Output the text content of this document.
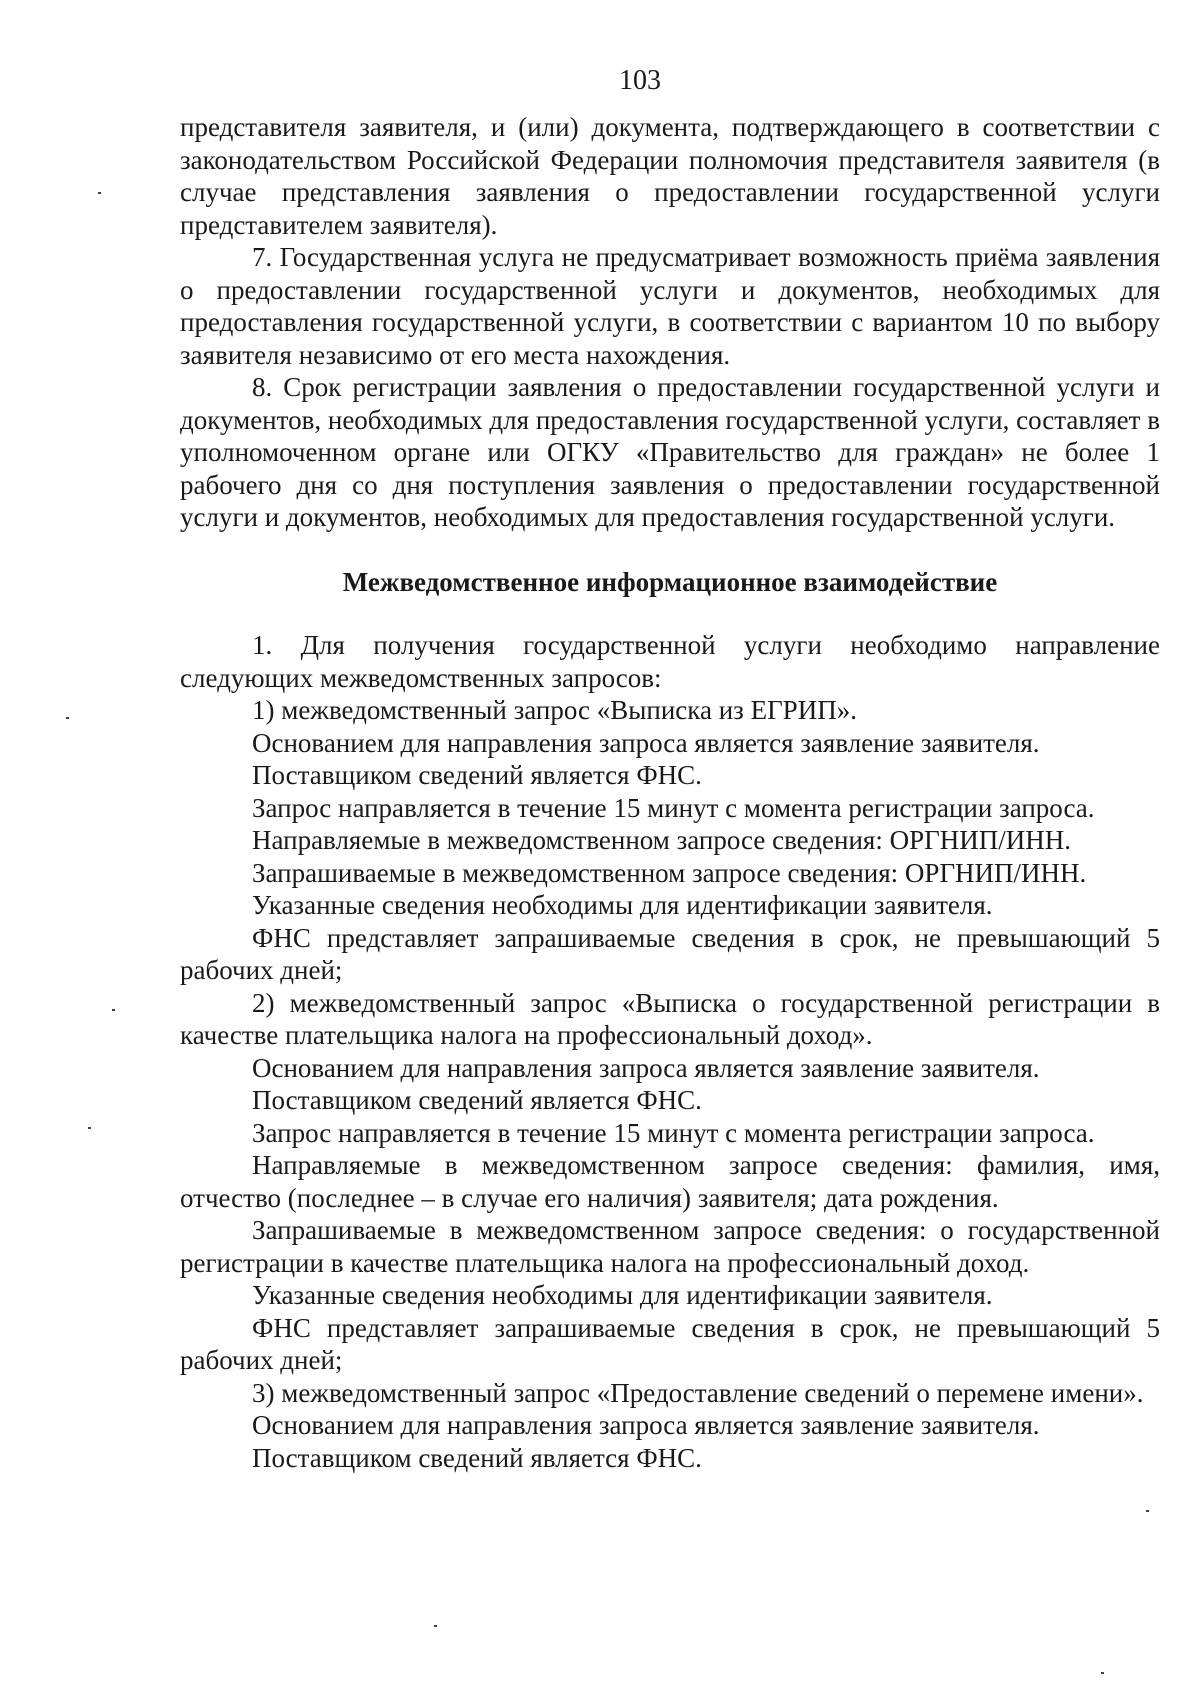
103
представителя заявителя, и (или) документа, подтверждающего в соответствии с законодательством Российской Федерации полномочия представителя заявителя (в случае представления заявления о предоставлении государственной услуги представителем заявителя).
7. Государственная услуга не предусматривает возможность приёма заявления о предоставлении государственной услуги и документов, необходимых для предоставления государственной услуги, в соответствии с вариантом 10 по выбору заявителя независимо от его места нахождения.
8. Срок регистрации заявления о предоставлении государственной услуги и документов, необходимых для предоставления государственной услуги, составляет в уполномоченном органе или ОГКУ «Правительство для граждан» не более 1 рабочего дня со дня поступления заявления о предоставлении государственной услуги и документов, необходимых для предоставления государственной услуги.
Межведомственное информационное взаимодействие
1. Для получения государственной услуги необходимо направление следующих межведомственных запросов:
1) межведомственный запрос «Выписка из ЕГРИП».
Основанием для направления запроса является заявление заявителя.
Поставщиком сведений является ФНС.
Запрос направляется в течение 15 минут с момента регистрации запроса.
Направляемые в межведомственном запросе сведения: ОРГНИП/ИНН.
Запрашиваемые в межведомственном запросе сведения: ОРГНИП/ИНН.
Указанные сведения необходимы для идентификации заявителя.
ФНС представляет запрашиваемые сведения в срок, не превышающий 5 рабочих дней;
2) межведомственный запрос «Выписка о государственной регистрации в качестве плательщика налога на профессиональный доход».
Основанием для направления запроса является заявление заявителя.
Поставщиком сведений является ФНС.
Запрос направляется в течение 15 минут с момента регистрации запроса.
Направляемые в межведомственном запросе сведения: фамилия, имя, отчество (последнее – в случае его наличия) заявителя; дата рождения.
Запрашиваемые в межведомственном запросе сведения: о государственной регистрации в качестве плательщика налога на профессиональный доход.
Указанные сведения необходимы для идентификации заявителя.
ФНС представляет запрашиваемые сведения в срок, не превышающий 5 рабочих дней;
3) межведомственный запрос «Предоставление сведений о перемене имени».
Основанием для направления запроса является заявление заявителя.
Поставщиком сведений является ФНС.
